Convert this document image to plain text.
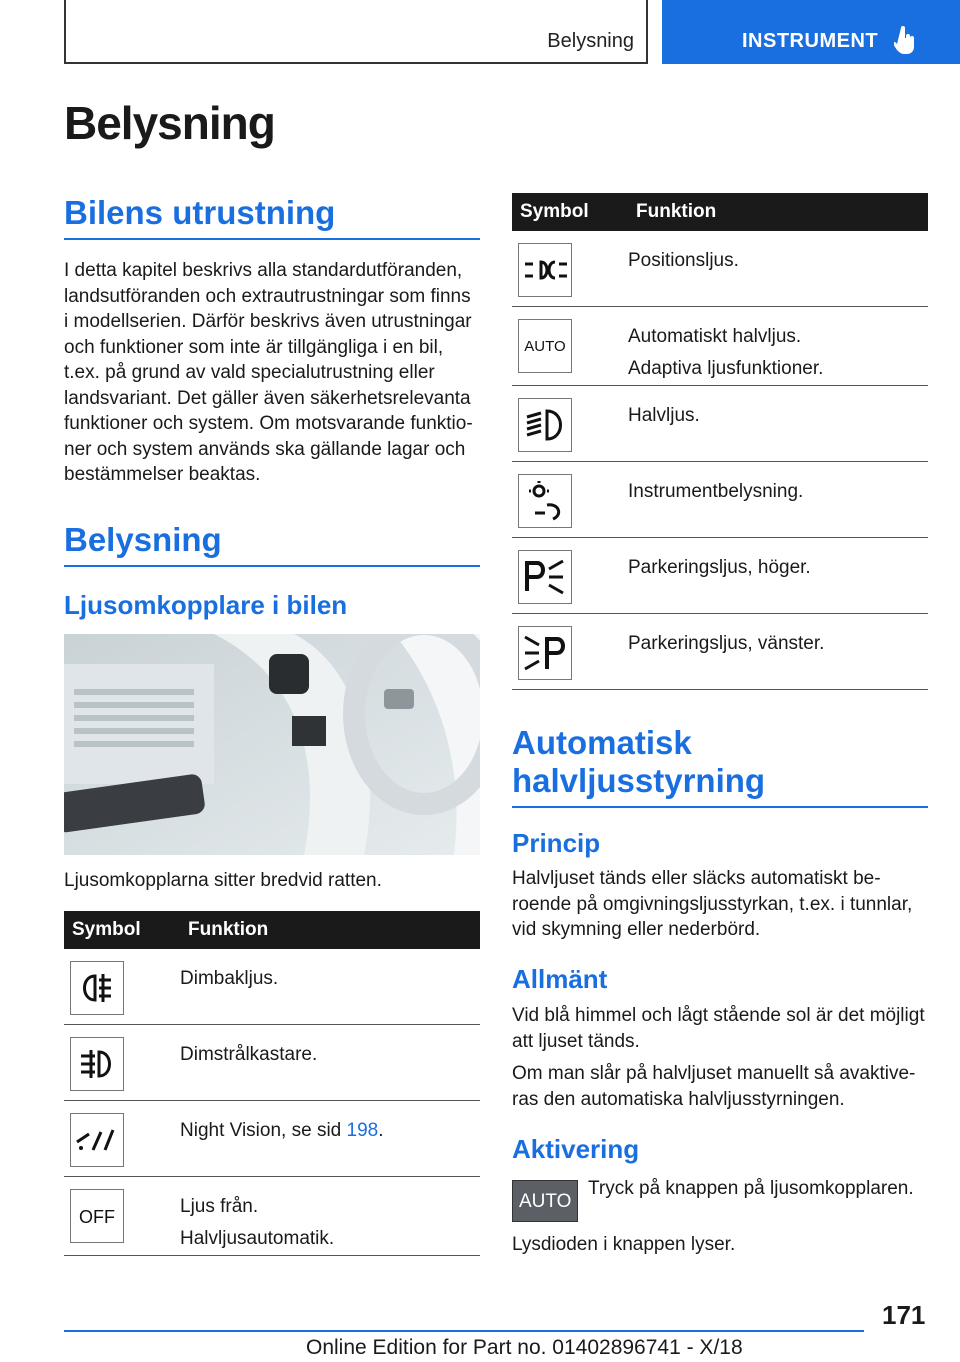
Belysning	INSTRUMENT
Belysning
Bilens utrustning

I detta kapitel beskrivs alla standardutföranden, landsutföranden och extrautrustningar som finns i modellserien. Därför beskrivs även utrustningar och funktioner som inte är tillgängliga i en bil, t.ex. på grund av vald specialutrustning eller landsvariant. Det gäller även säkerhetsrelevanta funktioner och system. Om motsvarande funktio‐ner och system används ska gällande lagar och bestämmelser beaktas.

Belysning
Ljusomkopplare i bilen

Ljusomkopplarna sitter bredvid ratten.

Symbol	Funktion

Dimbakljus.

Dimstrålkastare.

Night Vision, se sid 198.

OFF	Ljus från.
Halvljusautomatik.
Symbol	Funktion

Positionsljus.

AUTO	Automatiskt halvljus.
Adaptiva ljusfunktioner.

Halvljus.

Instrumentbelysning.

Parkeringsljus, höger.

Parkeringsljus, vänster.
Automatisk
halvljusstyrning
Princip

Halvljuset tänds eller släcks automatiskt be‐roende på omgivningsljusstyrkan, t.ex. i tunnlar, vid skymning eller nederbörd.

Allmänt

Vid blå himmel och lågt stående sol är det möjligt att ljuset tänds.

Om man slår på halvljuset manuellt så avaktive‐ras den automatiska halvljusstyrningen.

Aktivering
AUTO

Tryck på knappen på ljusomkopplaren.

Lysdioden i knappen lyser.

171
Online Edition for Part no. 01402896741 - X/18
